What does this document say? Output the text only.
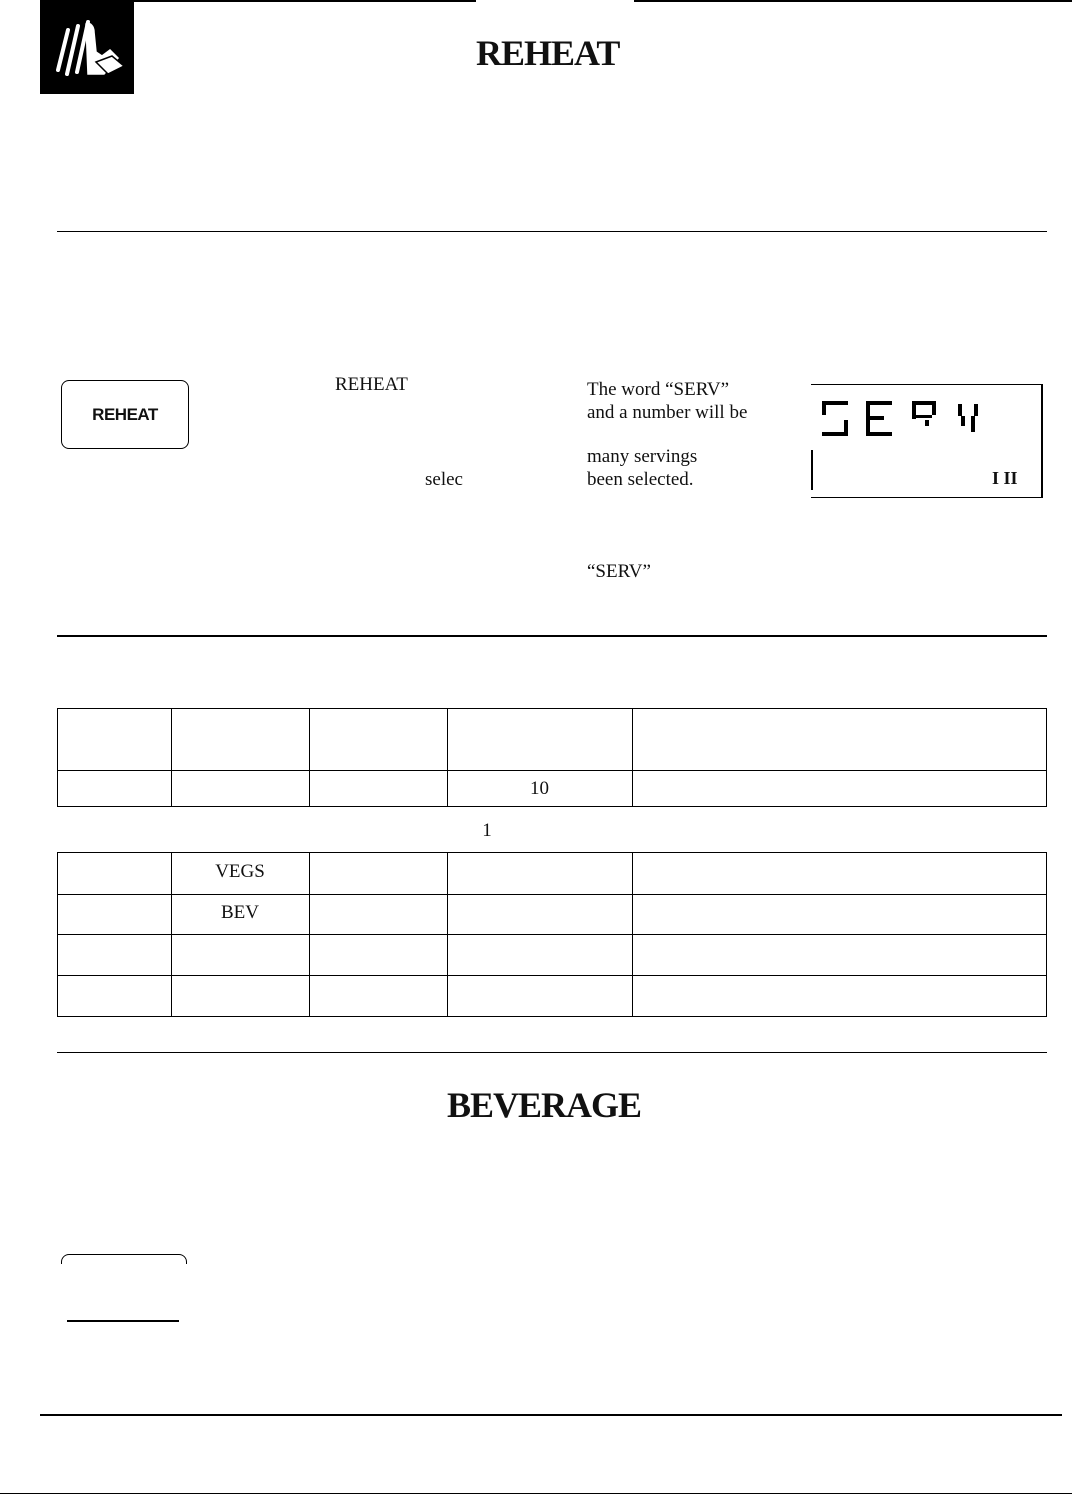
REHEAT
REHEAT
REHEAT
selec
The word “SERV”
and a number will be
many servings
been selected.
“SERV”
I II
10
1
VEGS
BEV
BEVERAGE
